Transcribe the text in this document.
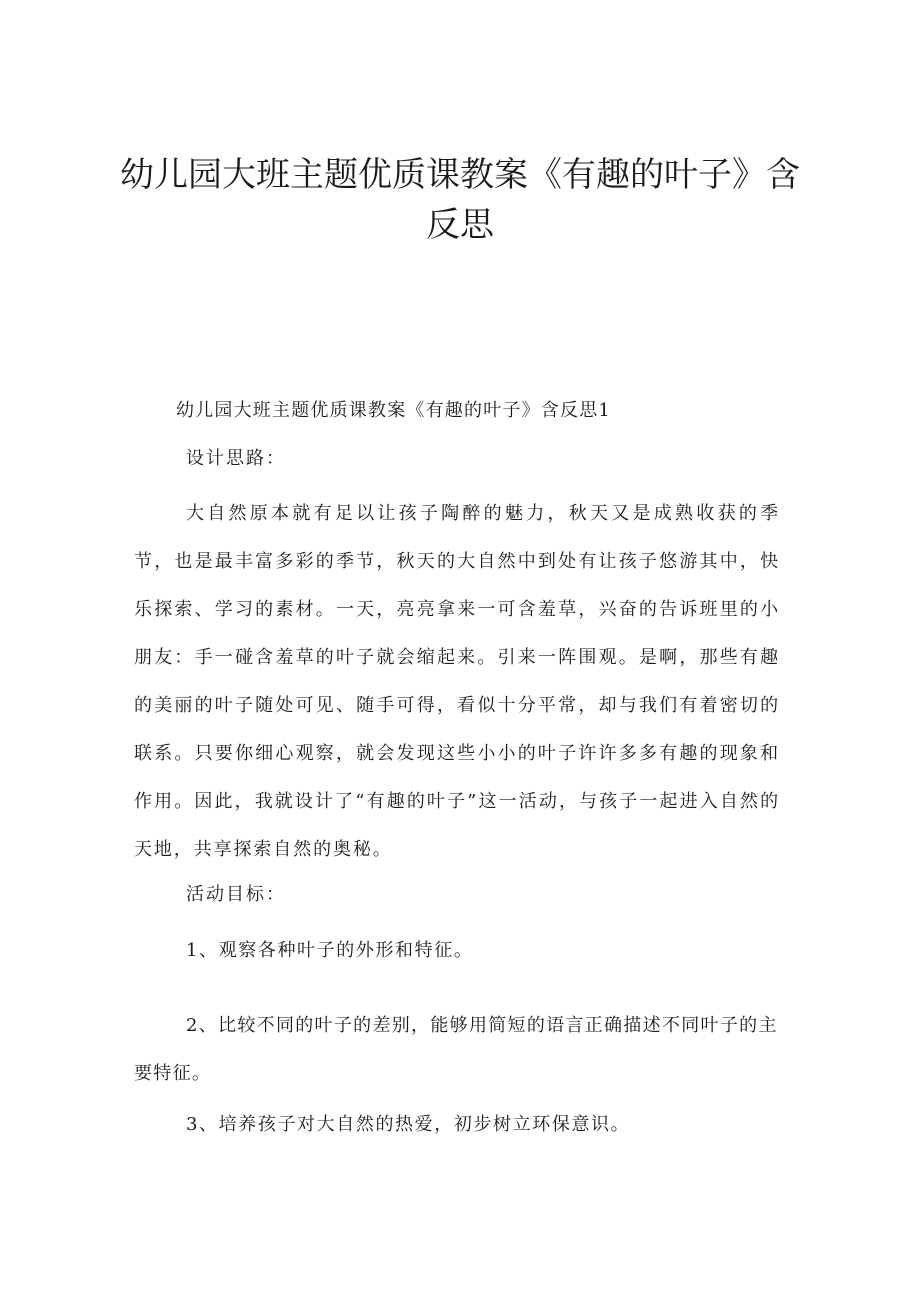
幼儿园大班主题优质课教案《有趣的叶子》含反思

幼儿园大班主题优质课教案《有趣的叶子》含反思1

设计思路：

大自然原本就有足以让孩子陶醉的魅力，秋天又是成熟收获的季节，也是最丰富多彩的季节，秋天的大自然中到处有让孩子悠游其中，快乐探索、学习的素材。一天，亮亮拿来一可含羞草，兴奋的告诉班里的小朋友：手一碰含羞草的叶子就会缩起来。引来一阵围观。是啊，那些有趣的美丽的叶子随处可见、随手可得，看似十分平常，却与我们有着密切的联系。只要你细心观察，就会发现这些小小的叶子许许多多有趣的现象和作用。因此，我就设计了“有趣的叶子”这一活动，与孩子一起进入自然的天地，共享探索自然的奥秘。

活动目标：

1、观察各种叶子的外形和特征。

2、比较不同的叶子的差别，能够用简短的语言正确描述不同叶子的主要特征。

3、培养孩子对大自然的热爱，初步树立环保意识。
